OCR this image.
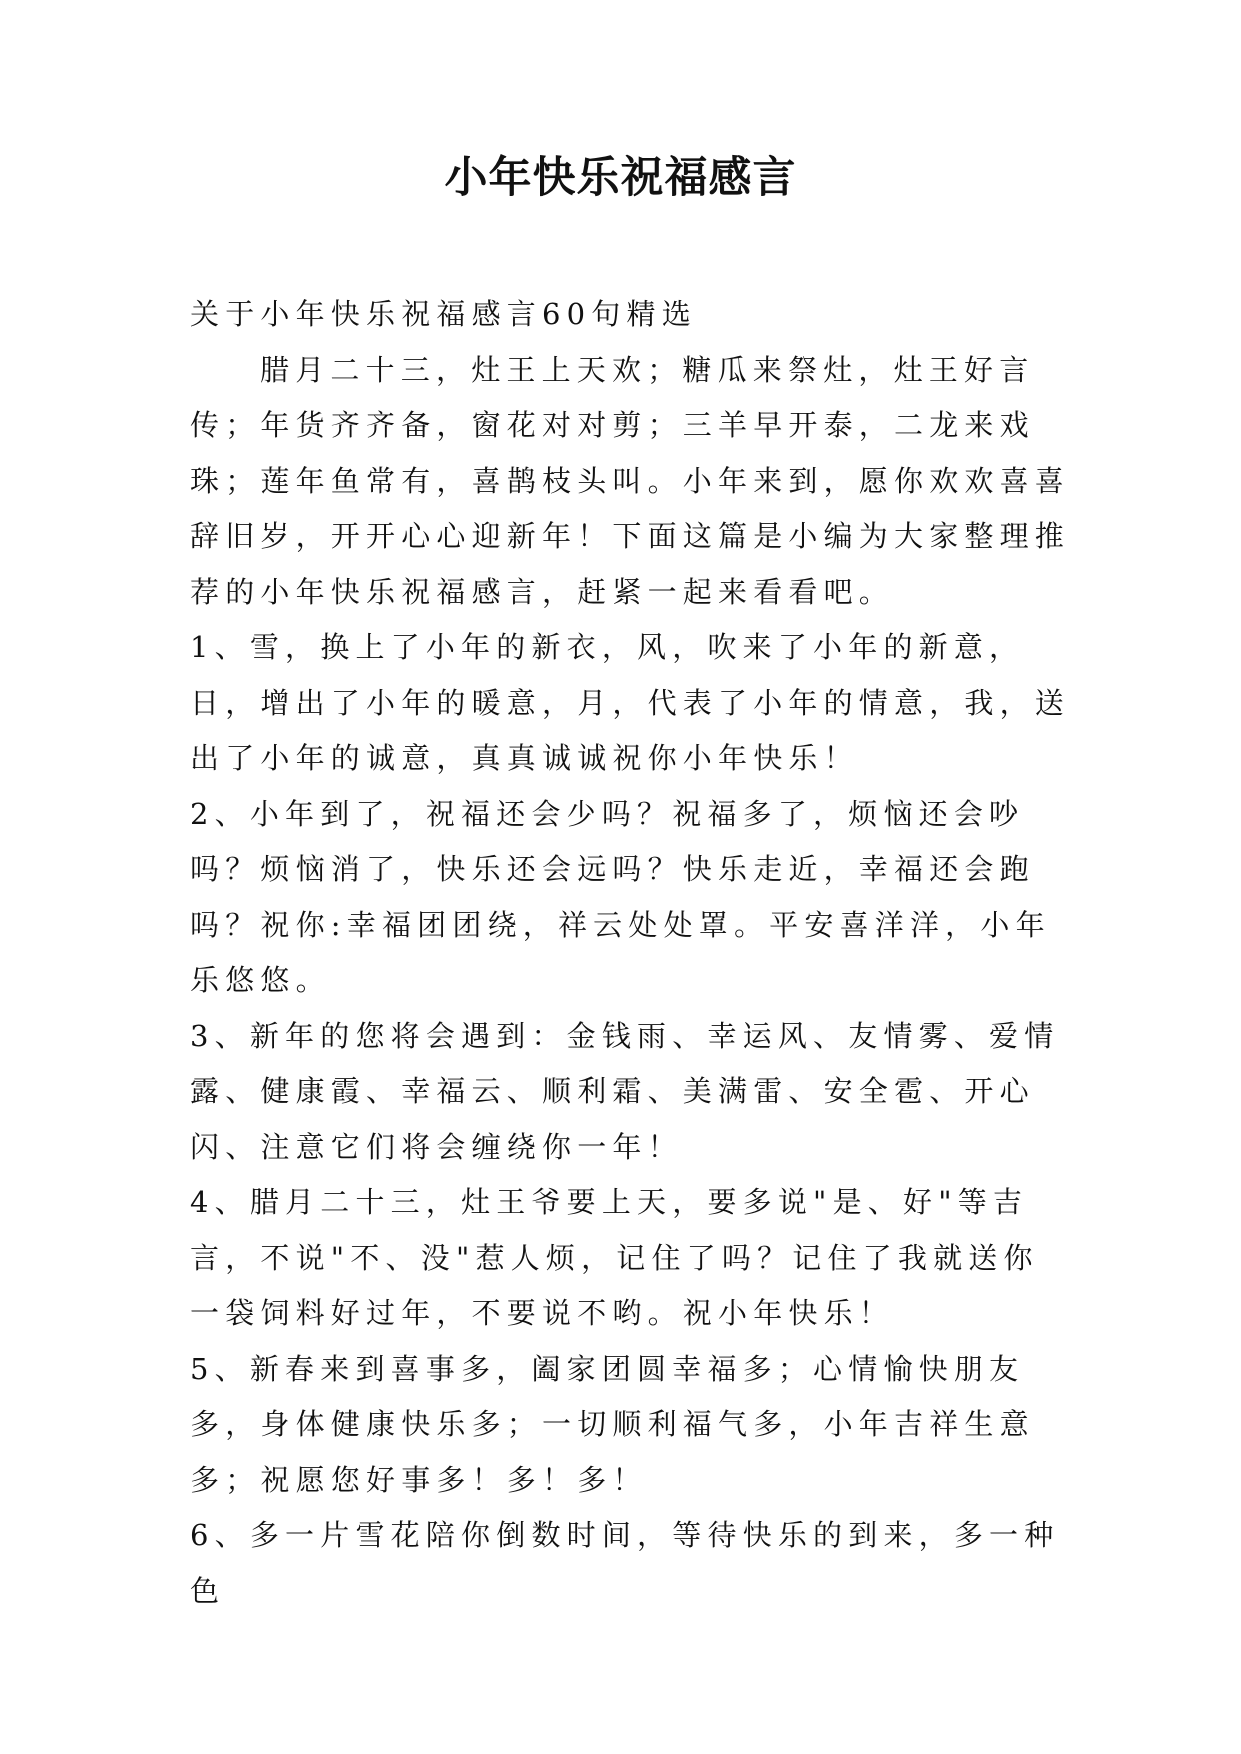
小年快乐祝福感言

关于小年快乐祝福感言60句精选

腊月二十三，灶王上天欢；糖瓜来祭灶，灶王好言传；年货齐齐备，窗花对对剪；三羊早开泰，二龙来戏珠；莲年鱼常有，喜鹊枝头叫。小年来到，愿你欢欢喜喜辞旧岁，开开心心迎新年！下面这篇是小编为大家整理推荐的小年快乐祝福感言，赶紧一起来看看吧。

1、雪，换上了小年的新衣，风，吹来了小年的新意，日，增出了小年的暖意，月，代表了小年的情意，我，送出了小年的诚意，真真诚诚祝你小年快乐！

2、小年到了，祝福还会少吗？祝福多了，烦恼还会吵吗？烦恼消了，快乐还会远吗？快乐走近，幸福还会跑吗？祝你:幸福团团绕，祥云处处罩。平安喜洋洋，小年乐悠悠。

3、新年的您将会遇到：金钱雨、幸运风、友情雾、爱情露、健康霞、幸福云、顺利霜、美满雷、安全雹、开心闪、注意它们将会缠绕你一年！

4、腊月二十三，灶王爷要上天，要多说"是、好"等吉言，不说"不、没"惹人烦，记住了吗？记住了我就送你一袋饲料好过年，不要说不哟。祝小年快乐！

5、新春来到喜事多，阖家团圆幸福多；心情愉快朋友多，身体健康快乐多；一切顺利福气多，小年吉祥生意多；祝愿您好事多！多！多！

6、多一片雪花陪你倒数时间，等待快乐的到来，多一种色
